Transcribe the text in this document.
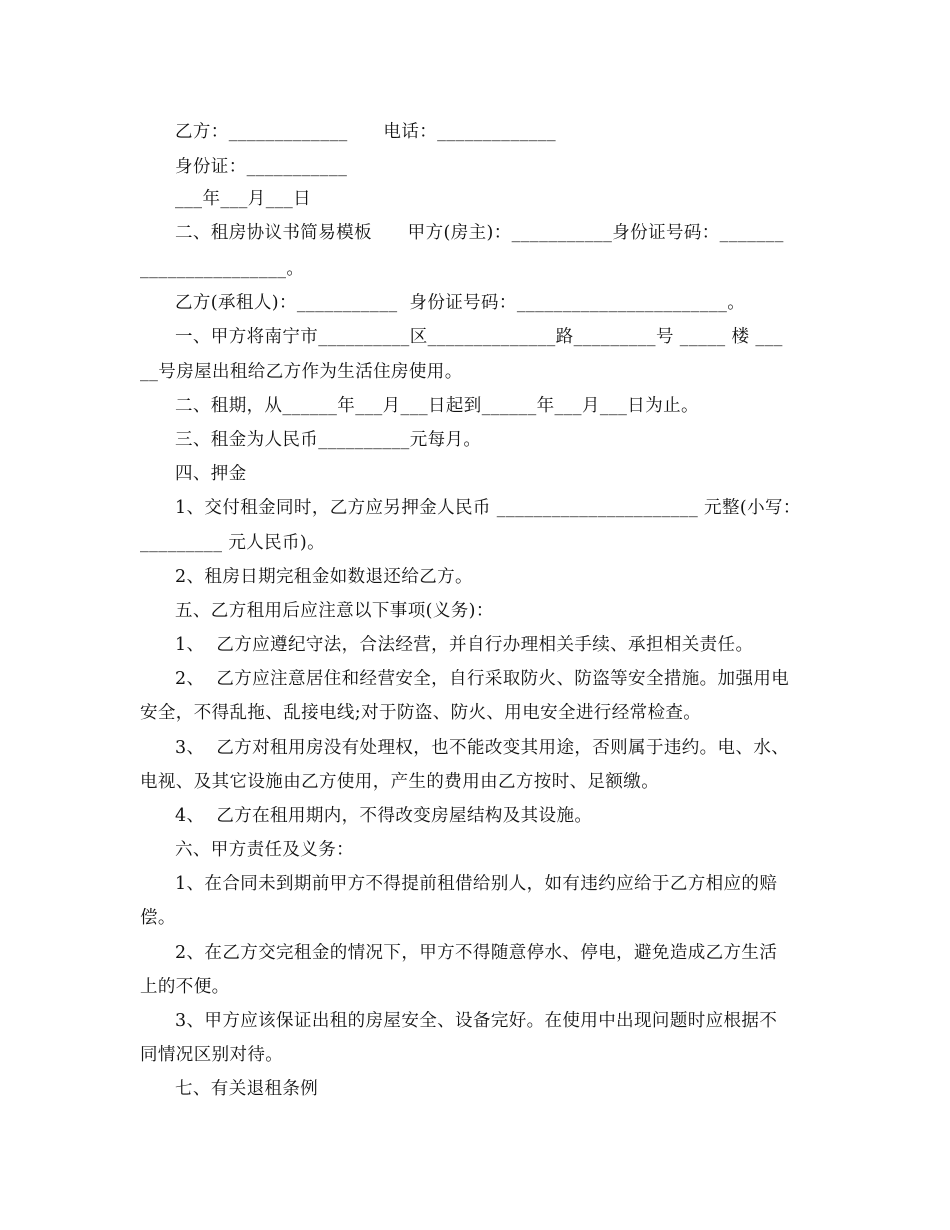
乙方：_____________      电话：_____________
身份证：___________
___年___月___日
二、租房协议书简易模板      甲方(房主)：___________身份证号码：_______
________________。
乙方(承租人)：___________  身份证号码：_______________________。
一、甲方将南宁市__________区______________路_________号 _____ 楼 ___
__号房屋出租给乙方作为生活住房使用。
二、租期，从______年___月___日起到______年___月___日为止。
三、租金为人民币__________元每月。
四、押金
1、交付租金同时，乙方应另押金人民币 ______________________ 元整(小写：
_________ 元人民币)。
2、租房日期完租金如数退还给乙方。
五、乙方租用后应注意以下事项(义务)：
1、  乙方应遵纪守法，合法经营，并自行办理相关手续、承担相关责任。
2、  乙方应注意居住和经营安全，自行采取防火、防盗等安全措施。加强用电
安全，不得乱拖、乱接电线;对于防盗、防火、用电安全进行经常检查。
3、  乙方对租用房没有处理权，也不能改变其用途，否则属于违约。电、水、
电视、及其它设施由乙方使用，产生的费用由乙方按时、足额缴。
4、  乙方在租用期内，不得改变房屋结构及其设施。
六、甲方责任及义务：
1、在合同未到期前甲方不得提前租借给别人，如有违约应给于乙方相应的赔
偿。
2、在乙方交完租金的情况下，甲方不得随意停水、停电，避免造成乙方生活
上的不便。
3、甲方应该保证出租的房屋安全、设备完好。在使用中出现问题时应根据不
同情况区别对待。
七、有关退租条例
